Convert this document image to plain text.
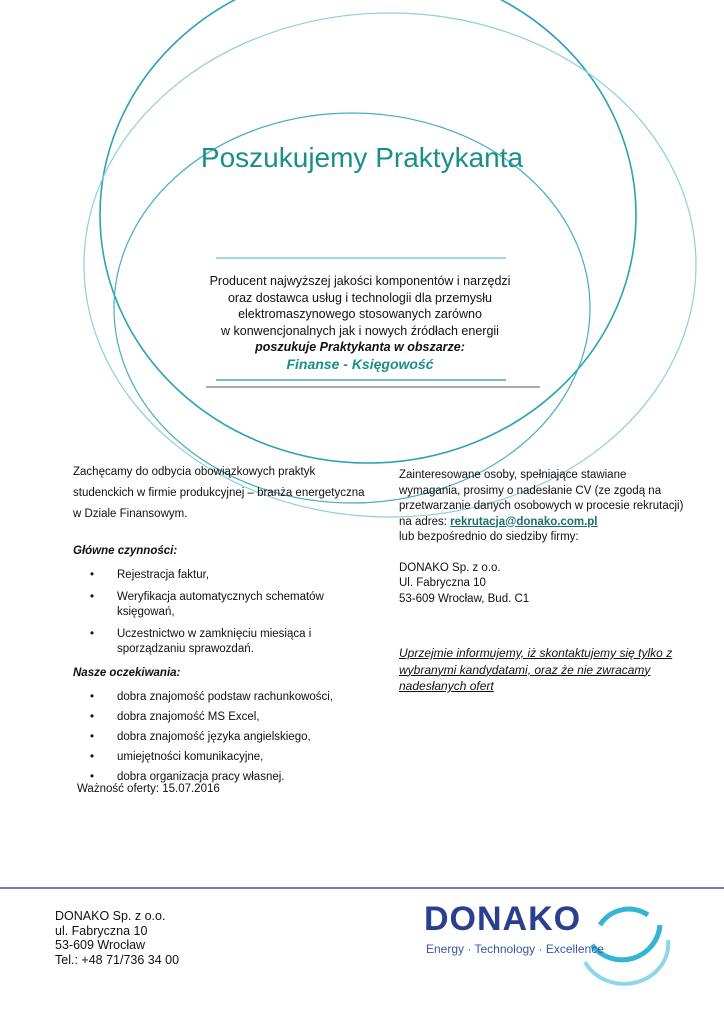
Poszukujemy Praktykanta
Producent najwyższej jakości komponentów i narzędzi
oraz dostawca usług i technologii dla przemysłu
elektromaszynowego stosowanych zarówno
w konwencjonalnych jak i nowych źródłach energii
poszukuje Praktykanta w obszarze:
Finanse - Księgowość
Zachęcamy do odbycia obowiązkowych praktyk
studenckich w firmie produkcyjnej – branża energetyczna
w Dziale Finansowym.
Główne czynności:
• Rejestracja faktur,
• Weryfikacja automatycznych schematów księgowań,
• Uczestnictwo w zamknięciu miesiąca i sporządzaniu sprawozdań.
Nasze oczekiwania:
• dobra znajomość podstaw rachunkowości,
• dobra znajomość MS Excel,
• dobra znajomość języka angielskiego,
• umiejętności komunikacyjne,
• dobra organizacja pracy własnej.
Ważność oferty: 15.07.2016
Zainteresowane osoby, spełniające stawiane wymagania, prosimy o nadesłanie CV (ze zgodą na przetwarzanie danych osobowych w procesie rekrutacji) na adres: rekrutacja@donako.com.pl
lub bezpośrednio do siedziby firmy:
DONAKO Sp. z o.o.
Ul. Fabryczna 10
53-609 Wrocław, Bud. C1
Uprzejmie informujemy, iż skontaktujemy się tylko z wybranymi kandydatami, oraz że nie zwracamy nadesłanych ofert
DONAKO Sp. z o.o.
ul. Fabryczna 10
53-609 Wrocław
Tel.: +48 71/736 34 00
DONAKO
Energy · Technology · Excellence
